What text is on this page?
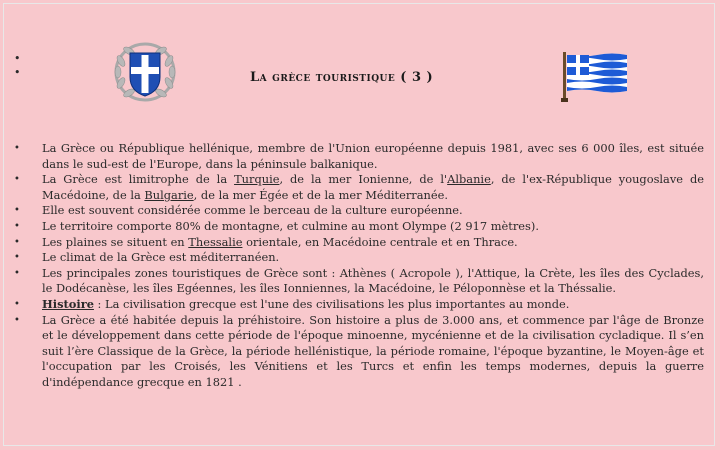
•
•	La grèce touristique ( 3 )
• La Grèce ou République hellénique, membre de l'Union européenne depuis 1981, avec ses 6 000 îles, est située dans le sud-est de l'Europe, dans la péninsule balkanique.
• La Grèce est limitrophe de la Turquie, de la mer Ionienne, de l'Albanie, de l'ex-République yougoslave de Macédoine, de la Bulgarie, de la mer Égée et de la mer Méditerranée.
• Elle est souvent considérée comme le berceau de la culture européenne.
• Le territoire comporte 80% de montagne, et culmine au mont Olympe (2 917 mètres).
• Les plaines se situent en Thessalie orientale, en Macédoine centrale et en Thrace.
• Le climat de la Grèce est méditerranéen.
• Les principales zones touristiques de Grèce sont : Athènes ( Acropole ), l'Attique, la Crète, les îles des Cyclades, le Dodécanèse, les îles Egéennes, les îles Ionniennes, la Macédoine, le Péloponnèse et la Théssalie.
• Histoire : La civilisation grecque est l'une des civilisations les plus importantes au monde.
• La Grèce a été habitée depuis la préhistoire. Son histoire a plus de 3.000 ans, et commence par l'âge de Bronze et le développement dans cette période de l'époque minoenne, mycénienne et de la civilisation cycladique. Il s’en suit l’ère Classique de la Grèce, la période hellénistique, la période romaine, l'époque byzantine, le Moyen-âge et l'occupation par les Croisés, les Vénitiens et les Turcs et enfin les temps modernes, depuis la guerre d'indépendance grecque en 1821 .
